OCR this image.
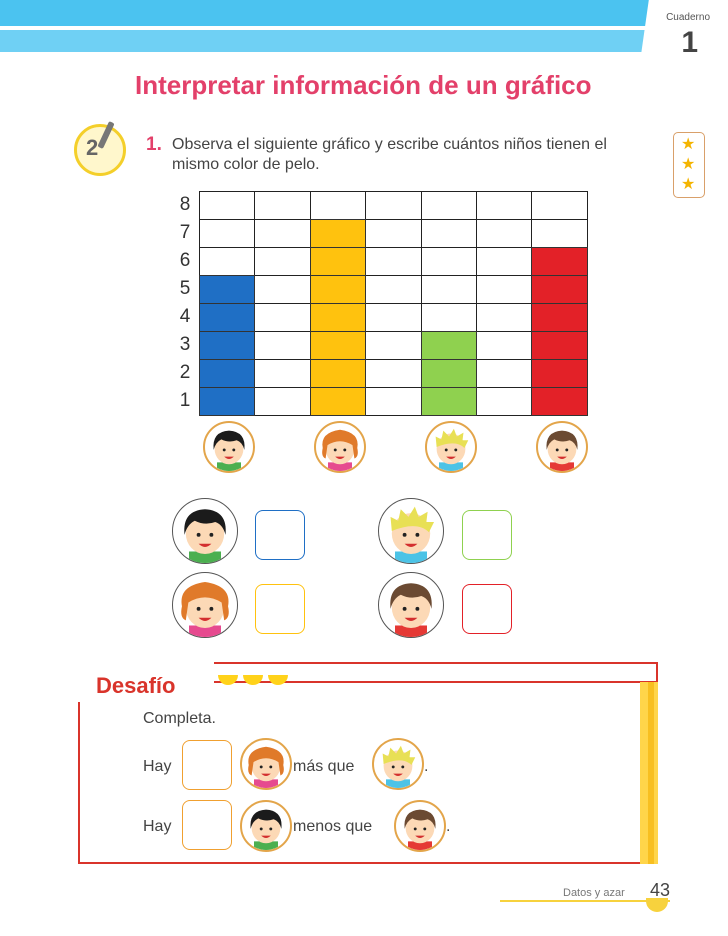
Cuaderno
1
Interpretar información de un gráfico
2	★
★
★
1. Observa el siguiente gráfico y escribe cuántos niños tienen el mismo color de pelo.
8
7
6
5
4
3
2
1
Desafío
Completa.
Hay	más que	.
Hay	menos que	.
Datos y azar 43
